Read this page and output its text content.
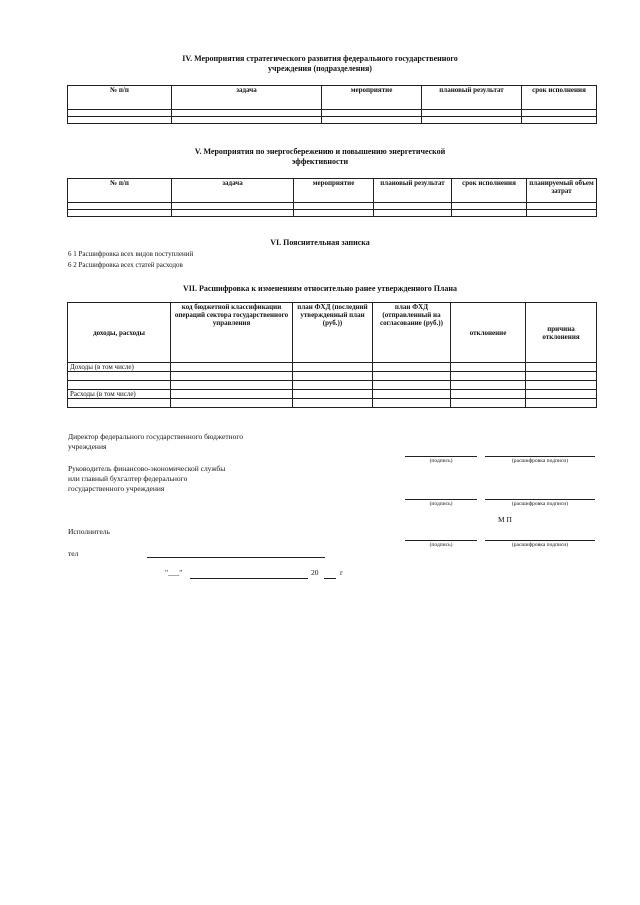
IV. Мероприятия стратегического развития федерального государственного
учреждения (подразделения)
№ п/п	задача	мероприятие	плановый результат	срок исполнения

V. Мероприятия по энергосбережению и повышению энергетической
эффективности
№ п/п	задача	мероприятие	плановый результат	срок исполнения	планируемый объем затрат

VI. Пояснительная записка
6 1 Расшифровка всех видов поступлений
6 2 Расшифровка всех статей расходов
VII. Расшифровка к изменениям относительно ранее утвержденного Плана
доходы, расходы	код бюджетной классификации операций сектора государственного управления	план ФХД (последний утвержденный план (руб.))	план ФХД (отправленный на согласование (руб.))	отклонение	причина отклонения
Доходы (в том числе)					

Расходы (в том числе)					

Директор федерального государственного бюджетного
учреждения
(подпись)	(расшифровка подписи)
Руководитель финансово-экономической службы
или главный бухгалтер федерального
государственного учреждения
(подпись)	(расшифровка подписи)
М П
Исполнитель
(подпись)	(расшифровка подписи)
тел
"___"	20	г
